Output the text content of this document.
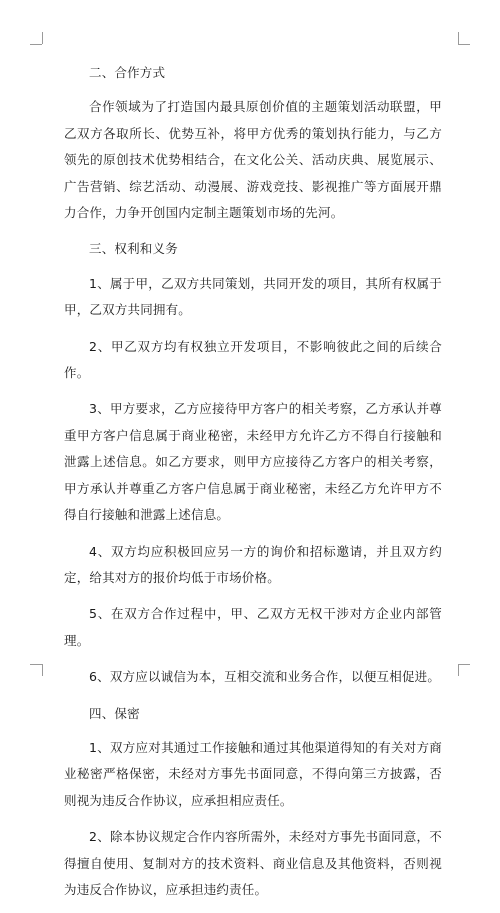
二、合作方式

合作领域为了打造国内最具原创价值的主题策划活动联盟，甲乙双方各取所长、优势互补，将甲方优秀的策划执行能力，与乙方领先的原创技术优势相结合，在文化公关、活动庆典、展览展示、广告营销、综艺活动、动漫展、游戏竞技、影视推广等方面展开鼎力合作，力争开创国内定制主题策划市场的先河。

三、权利和义务

1、属于甲，乙双方共同策划，共同开发的项目，其所有权属于甲，乙双方共同拥有。

2、甲乙双方均有权独立开发项目，不影响彼此之间的后续合作。

3、甲方要求，乙方应接待甲方客户的相关考察，乙方承认并尊重甲方客户信息属于商业秘密，未经甲方允许乙方不得自行接触和泄露上述信息。如乙方要求，则甲方应接待乙方客户的相关考察，甲方承认并尊重乙方客户信息属于商业秘密，未经乙方允许甲方不得自行接触和泄露上述信息。

4、双方均应积极回应另一方的询价和招标邀请，并且双方约定，给其对方的报价均低于市场价格。

5、在双方合作过程中，甲、乙双方无权干涉对方企业内部管理。

6、双方应以诚信为本，互相交流和业务合作，以便互相促进。

四、保密

1、双方应对其通过工作接触和通过其他渠道得知的有关对方商业秘密严格保密，未经对方事先书面同意，不得向第三方披露，否则视为违反合作协议，应承担相应责任。

2、除本协议规定合作内容所需外，未经对方事先书面同意，不得擅自使用、复制对方的技术资料、商业信息及其他资料，否则视为违反合作协议，应承担违约责任。
